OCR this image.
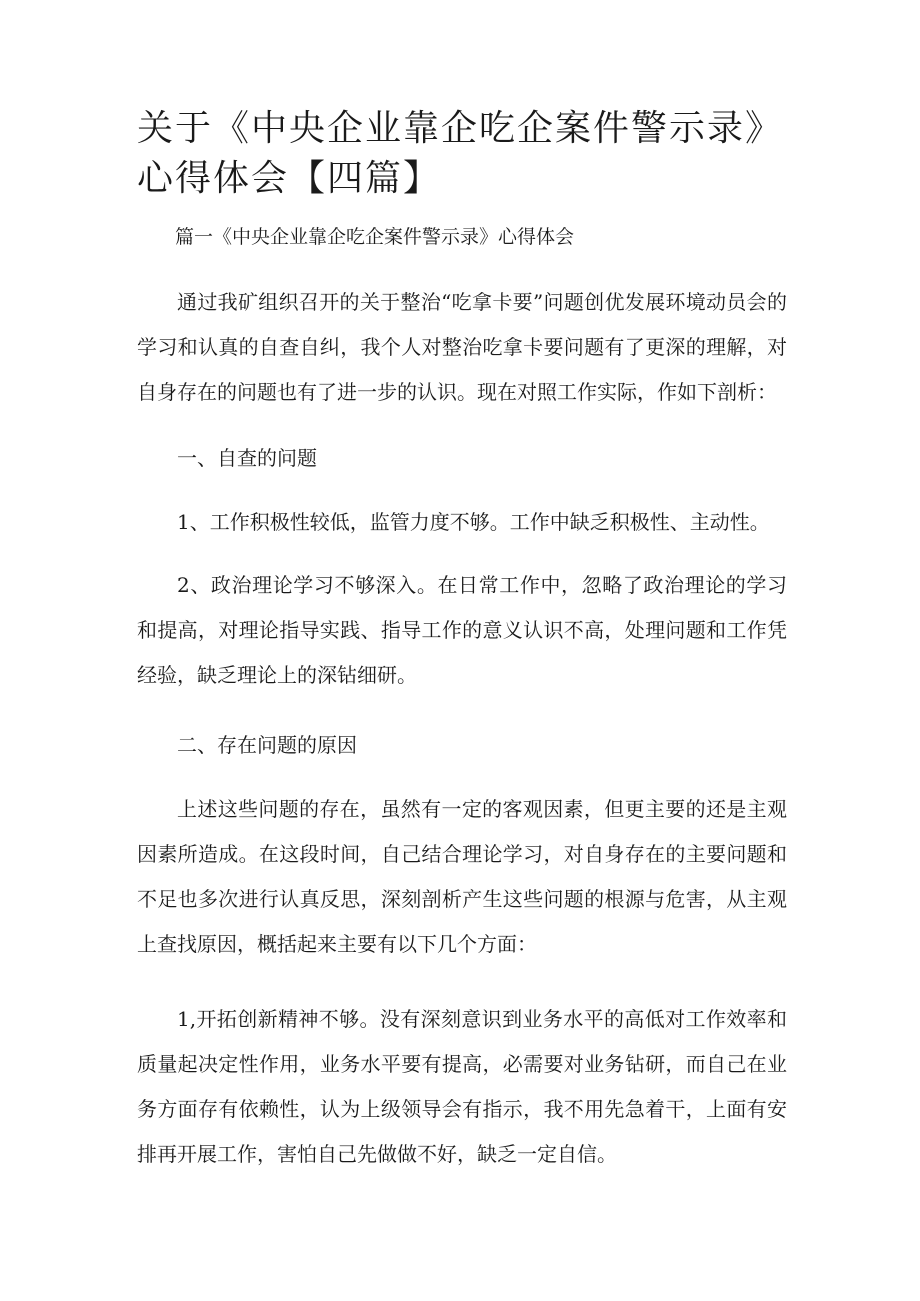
关于《中央企业靠企吃企案件警示录》心得体会【四篇】

篇一《中央企业靠企吃企案件警示录》心得体会

通过我矿组织召开的关于整治“吃拿卡要”问题创优发展环境动员会的学习和认真的自查自纠，我个人对整治吃拿卡要问题有了更深的理解，对自身存在的问题也有了进一步的认识。现在对照工作实际，作如下剖析：

一、自查的问题

1、工作积极性较低，监管力度不够。工作中缺乏积极性、主动性。

2、政治理论学习不够深入。在日常工作中，忽略了政治理论的学习和提高，对理论指导实践、指导工作的意义认识不高，处理问题和工作凭经验，缺乏理论上的深钻细研。

二、存在问题的原因

上述这些问题的存在，虽然有一定的客观因素，但更主要的还是主观因素所造成。在这段时间，自己结合理论学习，对自身存在的主要问题和不足也多次进行认真反思，深刻剖析产生这些问题的根源与危害，从主观上查找原因，概括起来主要有以下几个方面：

1,开拓创新精神不够。没有深刻意识到业务水平的高低对工作效率和质量起决定性作用，业务水平要有提高，必需要对业务钻研，而自己在业务方面存有依赖性，认为上级领导会有指示，我不用先急着干，上面有安排再开展工作，害怕自己先做做不好，缺乏一定自信。
